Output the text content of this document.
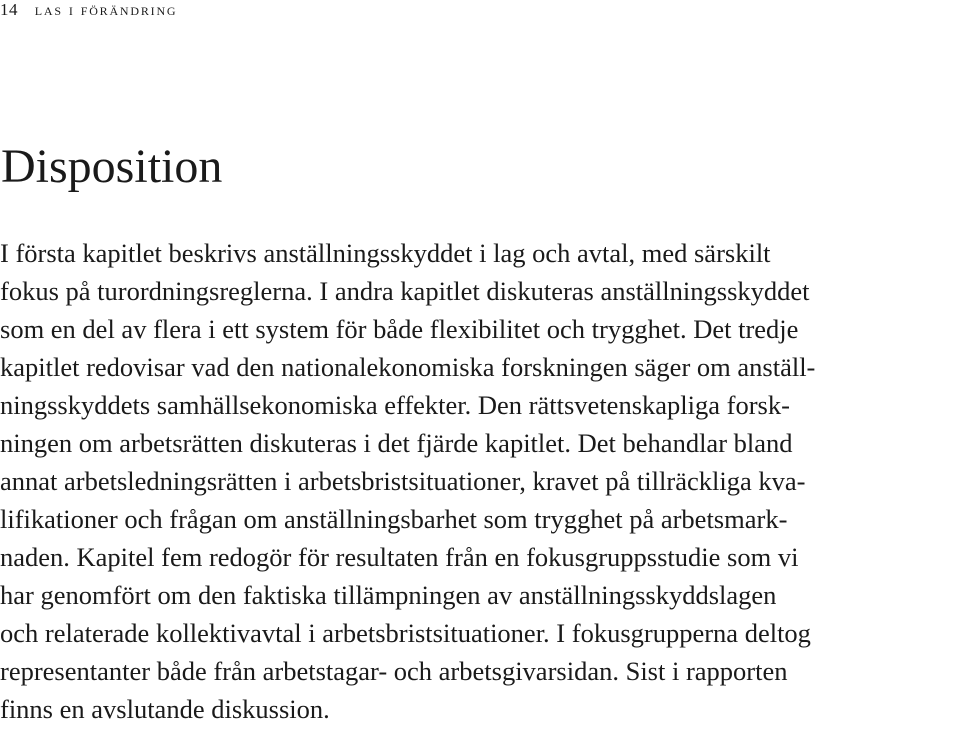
14 las i förändring
Disposition
I första kapitlet beskrivs anställningsskyddet i lag och avtal, med särskilt
fokus på turordningsreglerna. I andra kapitlet diskuteras anställningsskyddet
som en del av flera i ett system för både flexibilitet och trygghet. Det tredje
kapitlet redovisar vad den nationalekonomiska forskningen säger om anställ-
ningsskyddets samhällsekonomiska effekter. Den rättsvetenskapliga forsk-
ningen om arbetsrätten diskuteras i det fjärde kapitlet. Det behandlar bland
annat arbetsledningsrätten i arbetsbristsituationer, kravet på tillräckliga kva-
lifikationer och frågan om anställningsbarhet som trygghet på arbetsmark-
naden. Kapitel fem redogör för resultaten från en fokusgruppsstudie som vi
har genomfört om den faktiska tillämpningen av anställningsskyddslagen
och relaterade kollektivavtal i arbetsbristsituationer. I fokusgrupperna deltog
representanter både från arbetstagar- och arbetsgivarsidan. Sist i rapporten
finns en avslutande diskussion.
